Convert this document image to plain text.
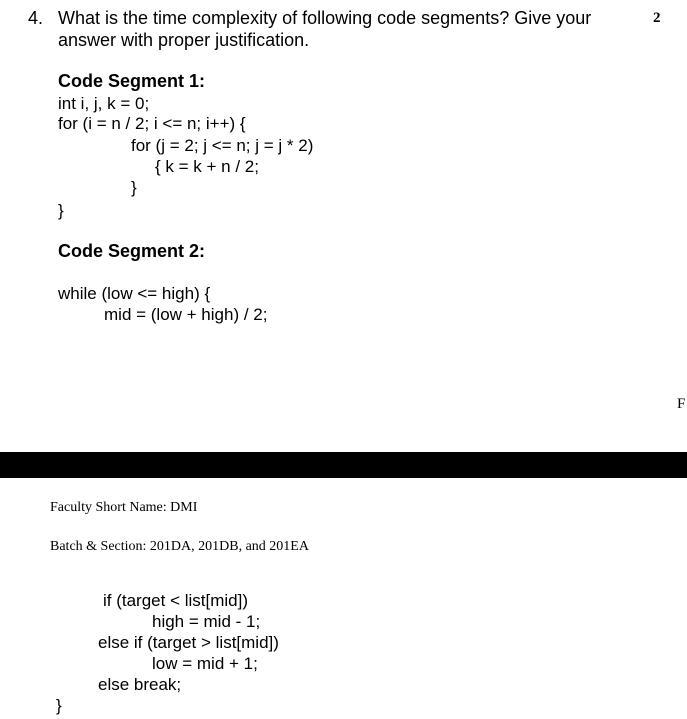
4. What is the time complexity of following code segments? Give your
answer with proper justification.
2
Code Segment 1:
int i, j, k = 0;
for (i = n / 2; i <= n; i++) {
for (j = 2; j <= n; j = j * 2)
{ k = k + n / 2;
}
}
Code Segment 2:
while (low <= high) {
mid = (low + high) / 2;
F
Faculty Short Name: DMI
Batch & Section: 201DA, 201DB, and 201EA
if (target < list[mid])
high = mid - 1;
else if (target > list[mid])
low = mid + 1;
else break;
}
